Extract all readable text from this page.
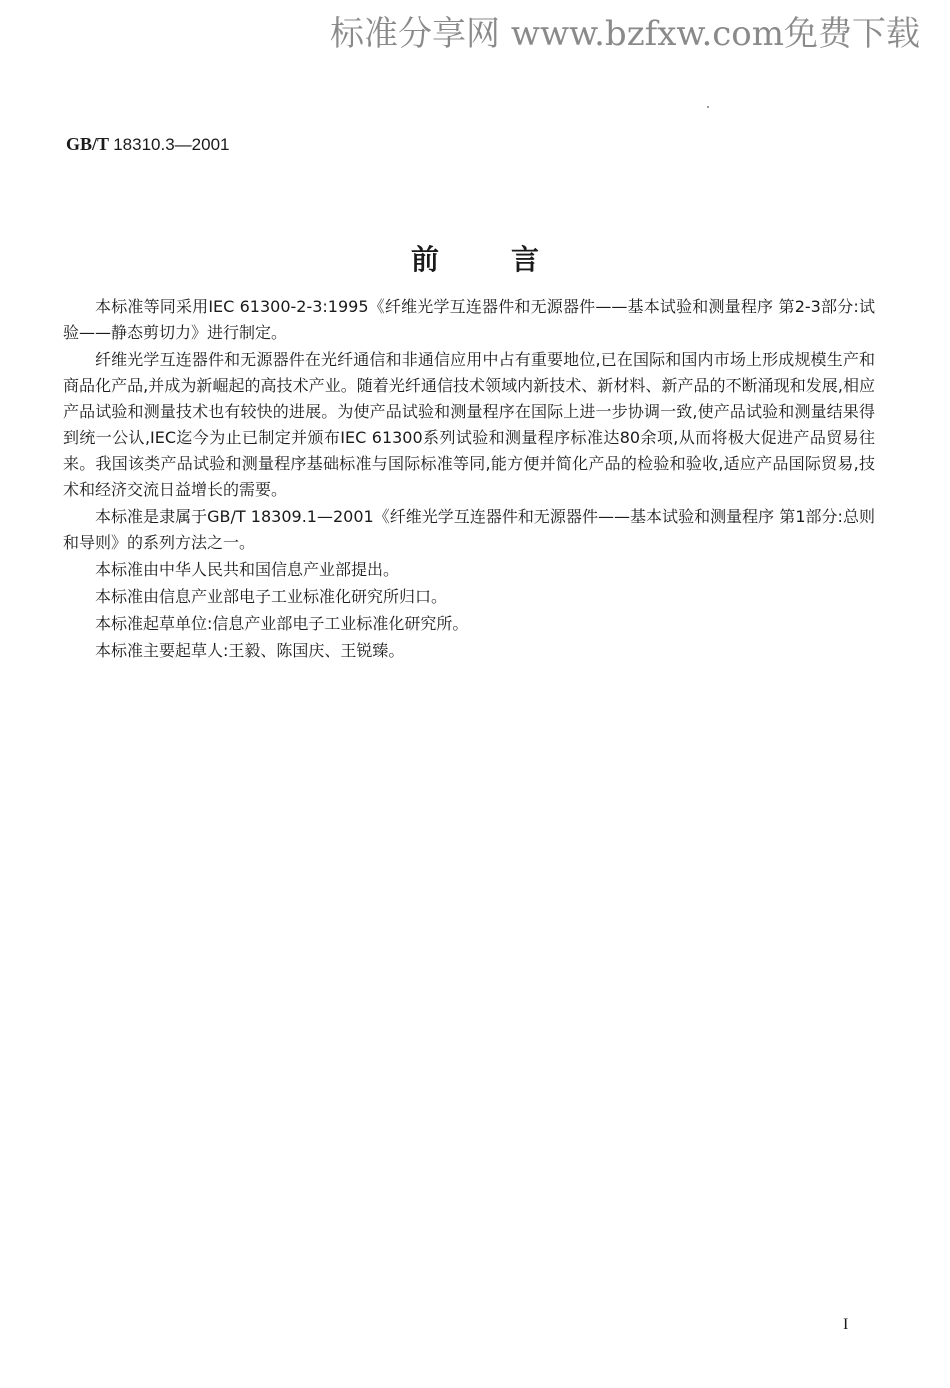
标准分享网 www.bzfxw.com免费下载
GB/T 18310.3—2001
前言

本标准等同采用IEC 61300-2-3:1995《纤维光学互连器件和无源器件——基本试验和测量程序 第2-3部分:试验——静态剪切力》进行制定。

纤维光学互连器件和无源器件在光纤通信和非通信应用中占有重要地位,已在国际和国内市场上形成规模生产和商品化产品,并成为新崛起的高技术产业。随着光纤通信技术领域内新技术、新材料、新产品的不断涌现和发展,相应产品试验和测量技术也有较快的进展。为使产品试验和测量程序在国际上进一步协调一致,使产品试验和测量结果得到统一公认,IEC迄今为止已制定并颁布IEC 61300系列试验和测量程序标准达80余项,从而将极大促进产品贸易往来。我国该类产品试验和测量程序基础标准与国际标准等同,能方便并简化产品的检验和验收,适应产品国际贸易,技术和经济交流日益增长的需要。

本标准是隶属于GB/T 18309.1—2001《纤维光学互连器件和无源器件——基本试验和测量程序 第1部分:总则和导则》的系列方法之一。

本标准由中华人民共和国信息产业部提出。

本标准由信息产业部电子工业标准化研究所归口。

本标准起草单位:信息产业部电子工业标准化研究所。

本标准主要起草人:王毅、陈国庆、王锐臻。

I
